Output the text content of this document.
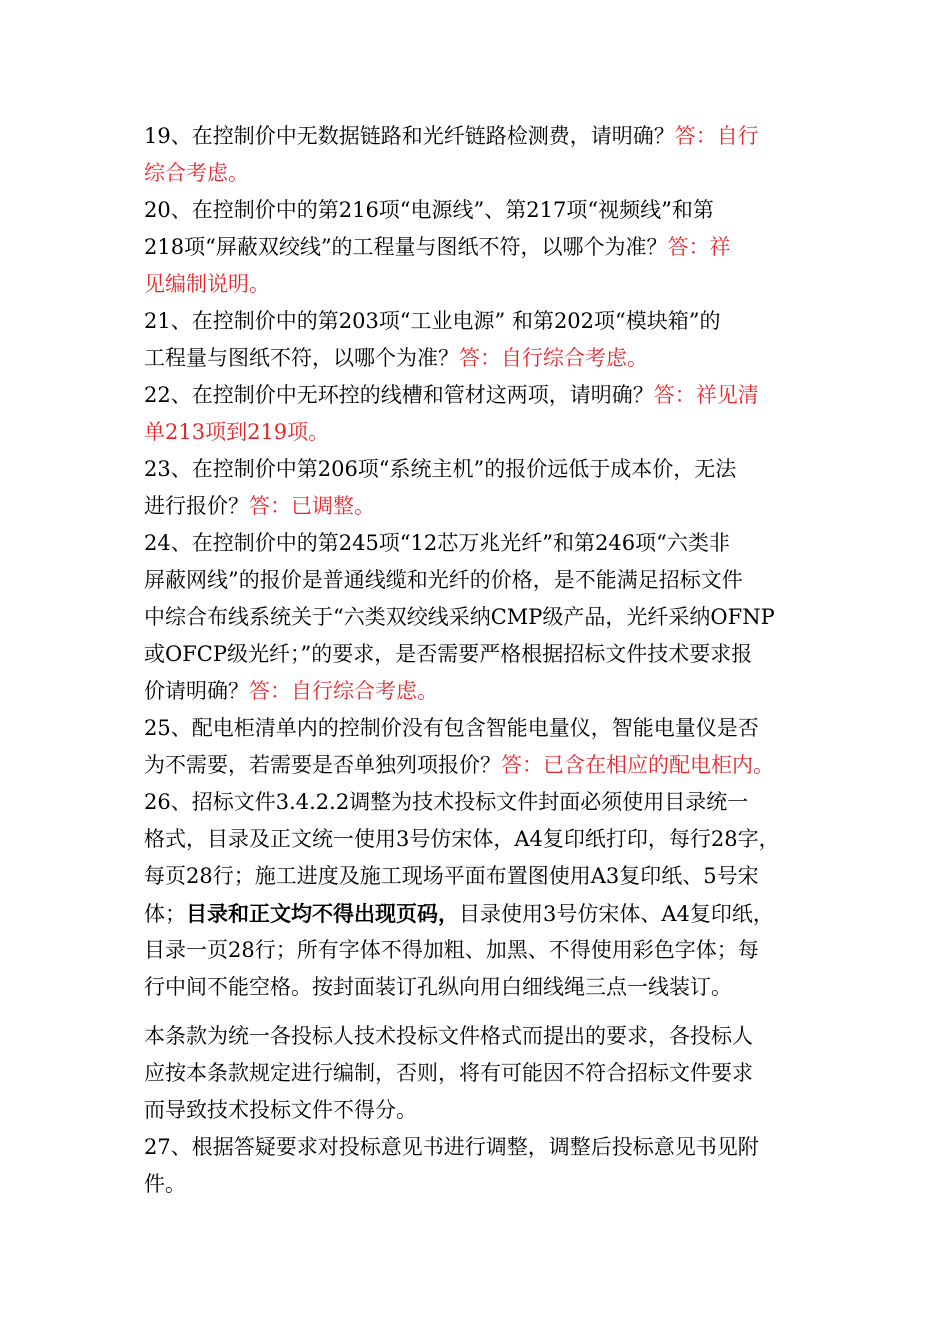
19、在控制价中无数据链路和光纤链路检测费，请明确？答：自行
综合考虑。
20、在控制价中的第216项“电源线”、第217项“视频线”和第
218项“屏蔽双绞线”的工程量与图纸不符，以哪个为准？答：祥
见编制说明。
21、在控制价中的第203项“工业电源” 和第202项“模块箱”的
工程量与图纸不符，以哪个为准？答：自行综合考虑。
22、在控制价中无环控的线槽和管材这两项，请明确？答：祥见清
单213项到219项。
23、在控制价中第206项“系统主机”的报价远低于成本价，无法
进行报价？答：已调整。
24、在控制价中的第245项“12芯万兆光纤”和第246项“六类非
屏蔽网线”的报价是普通线缆和光纤的价格，是不能满足招标文件
中综合布线系统关于“六类双绞线采纳CMP级产品，光纤采纳OFNP
或OFCP级光纤；”的要求，是否需要严格根据招标文件技术要求报
价请明确？答：自行综合考虑。
25、配电柜清单内的控制价没有包含智能电量仪，智能电量仪是否
为不需要，若需要是否单独列项报价？答：已含在相应的配电柜内。
26、招标文件3.4.2.2调整为技术投标文件封面必须使用目录统一
格式，目录及正文统一使用3号仿宋体，A4复印纸打印，每行28字，
每页28行；施工进度及施工现场平面布置图使用A3复印纸、5号宋
体；目录和正文均不得出现页码，目录使用3号仿宋体、A4复印纸，
目录一页28行；所有字体不得加粗、加黑、不得使用彩色字体；每
行中间不能空格。按封面装订孔纵向用白细线绳三点一线装订。
本条款为统一各投标人技术投标文件格式而提出的要求，各投标人
应按本条款规定进行编制，否则，将有可能因不符合招标文件要求
而导致技术投标文件不得分。
27、根据答疑要求对投标意见书进行调整，调整后投标意见书见附
件。
